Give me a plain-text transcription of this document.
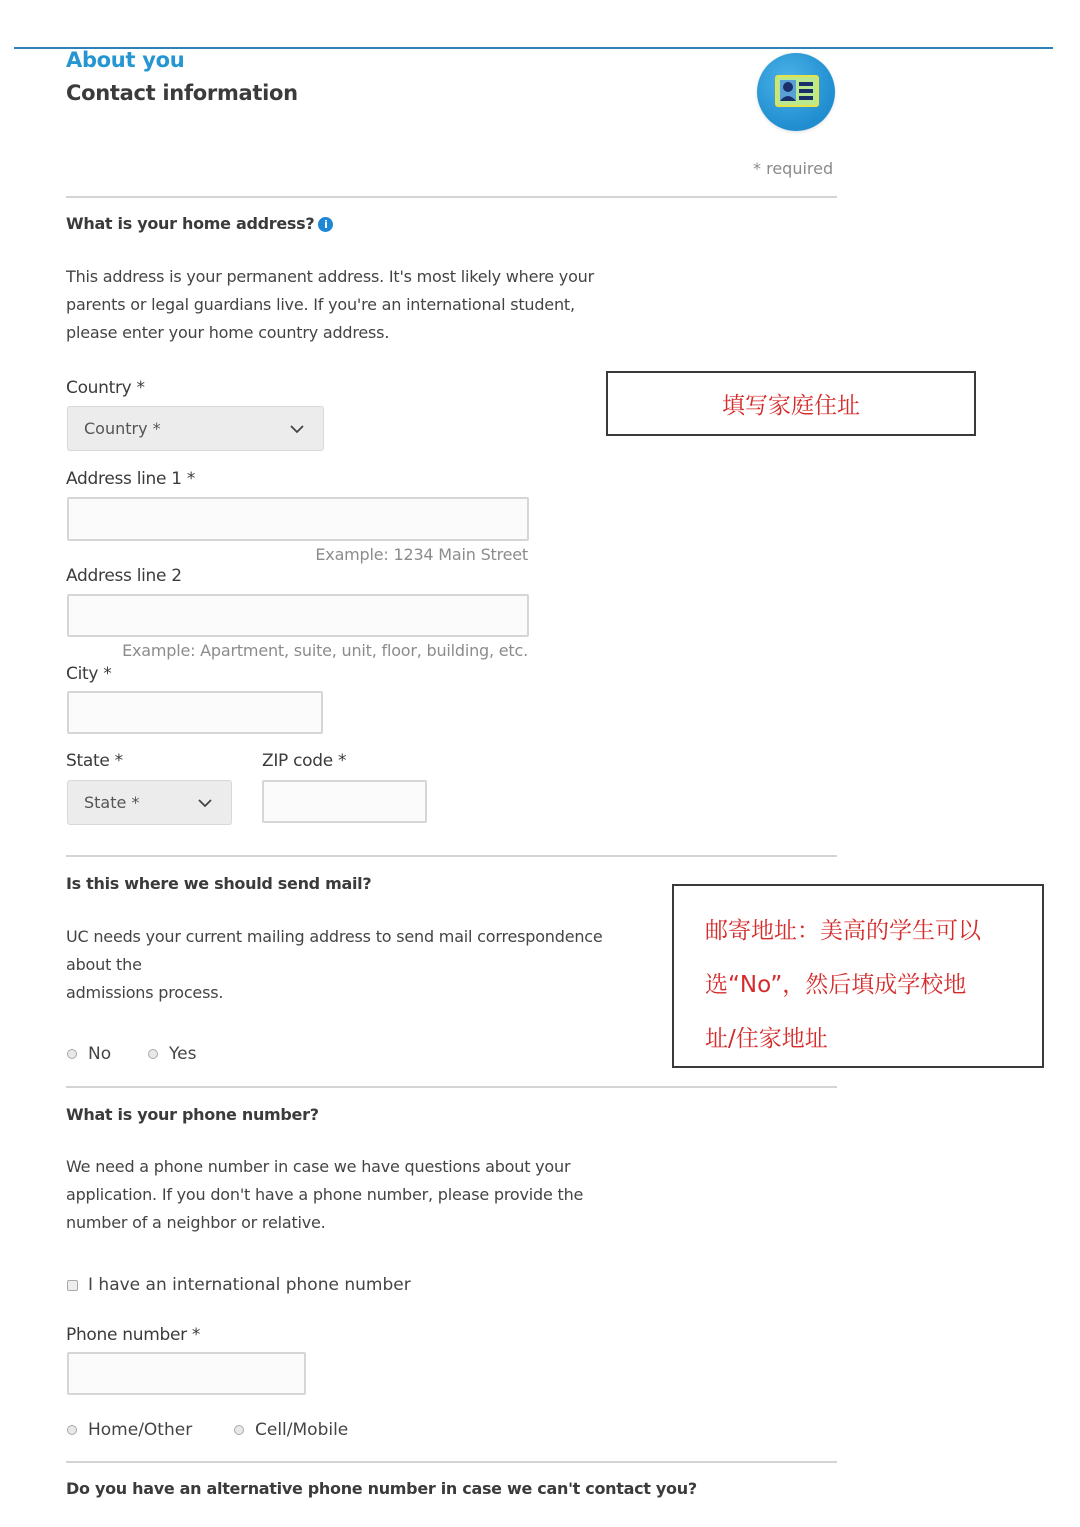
About you
Contact information
* required
What is your home address? i
This address is your permanent address. It's most likely where your
parents or legal guardians live. If you're an international student,
please enter your home country address.
Country *
Country *
Address line 1 *
Example: 1234 Main Street
Address line 2
Example: Apartment, suite, unit, floor, building, etc.
City *
State *
State *
ZIP code *
Is this where we should send mail?
UC needs your current mailing address to send mail correspondence
about the
admissions process.
No	Yes
What is your phone number?
We need a phone number in case we have questions about your
application. If you don't have a phone number, please provide the
number of a neighbor or relative.
I have an international phone number
Phone number *
Home/Other	Cell/Mobile
Do you have an alternative phone number in case we can't contact you?
填写家庭住址
邮寄地址：美高的学生可以
选“No”，然后填成学校地
址/住家地址
